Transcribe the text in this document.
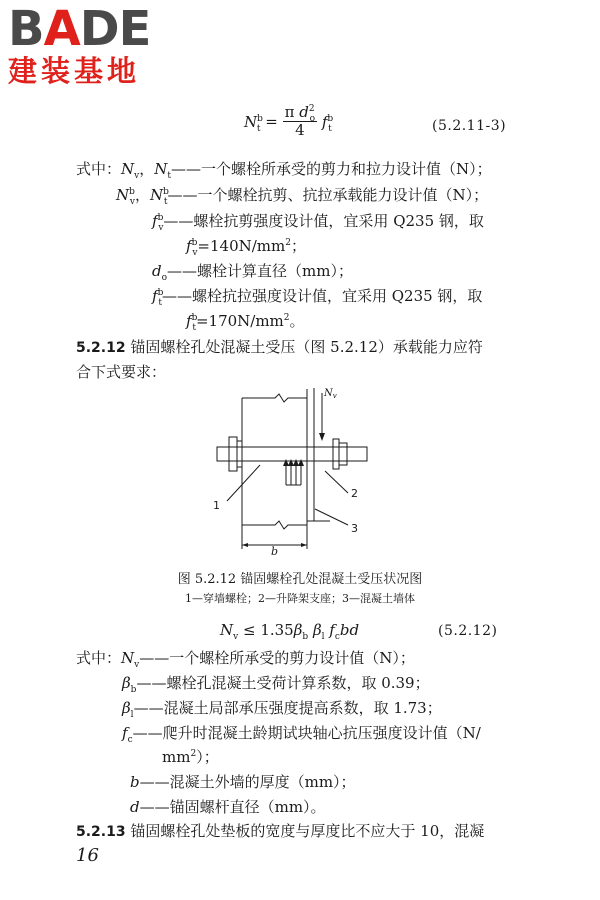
BADE
建装基地
$N^b_t = \frac{\pi d^2_o}{4} f^b_t$	(5.2.11-3)
式中：$N_v$，$N_t——$一个螺栓所承受的剪力和拉力设计值（N）；
$N^b_v$，$N^b_t——$一个螺栓抗剪、抗拉承载能力设计值（N）；
$f^b_v——$螺栓抗剪强度设计值，宜采用 Q235 钢，取
$f^b_v=140N/mm^2$；
$d_o——$螺栓计算直径（mm）；
$f^b_t——$螺栓抗拉强度设计值，宜采用 Q235 钢，取
$f^b_t=170N/mm^2$。
5.2.12 锚固螺栓孔处混凝土受压（图 5.2.12）承载能力应符
合下式要求：
$N_v$
1
2
3
b
图 5.2.12 锚固螺栓孔处混凝土受压状况图
1—穿墙螺栓；2—升降架支座；3—混凝土墙体
$N_v \le 1.35\beta_b$ $\beta_l$ $f_cbd$	(5.2.12)
式中：$N_v——$一个螺栓所承受的剪力设计值（N）；
$\beta_b——$螺栓孔混凝土受荷计算系数，取 0.39；
$\beta_l——$混凝土局部承压强度提高系数，取 1.73；
$f_c——$爬升时混凝土龄期试块轴心抗压强度设计值（N/
$mm^2$）；
b——混凝土外墙的厚度（mm）；
d——锚固螺杆直径（mm）。
5.2.13 锚固螺栓孔处垫板的宽度与厚度比不应大于 10，混凝
16
